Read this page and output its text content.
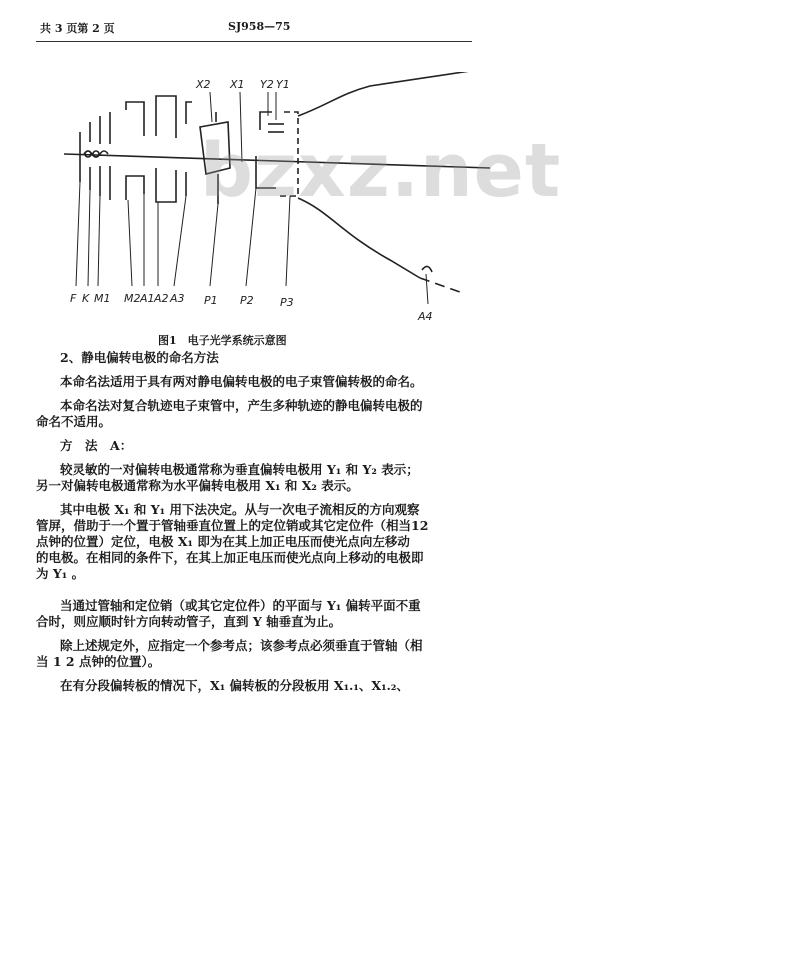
共 3 页第 2 页	SJ958—75
X2 X1 Y2 Y1
F K M1 M2 A1 A2 A3 P1 P2 P3
A4
bzxz.net
图1　电子光学系统示意图
2、静电偏转电极的命名方法
本命名法适用于具有两对静电偏转电极的电子束管偏转极的命名。
本命名法对复合轨迹电子束管中，产生多种轨迹的静电偏转电极的
命名不适用。
方　法　A：
较灵敏的一对偏转电极通常称为垂直偏转电极用 Y₁ 和 Y₂ 表示；
另一对偏转电极通常称为水平偏转电极用 X₁ 和 X₂ 表示。
其中电极 X₁ 和 Y₁ 用下法决定。从与一次电子流相反的方向观察
管屏，借助于一个置于管轴垂直位置上的定位销或其它定位件（相当12
点钟的位置）定位，电极 X₁ 即为在其上加正电压而使光点向左移动
的电极。在相同的条件下，在其上加正电压而使光点向上移动的电极即
为 Y₁ 。
当通过管轴和定位销（或其它定位件）的平面与 Y₁ 偏转平面不重
合时，则应顺时针方向转动管子，直到 Y 轴垂直为止。
除上述规定外，应指定一个参考点；该参考点必须垂直于管轴（相
当 1 2 点钟的位置）。
在有分段偏转板的情况下，X₁ 偏转板的分段板用 X₁.₁、X₁.₂、
